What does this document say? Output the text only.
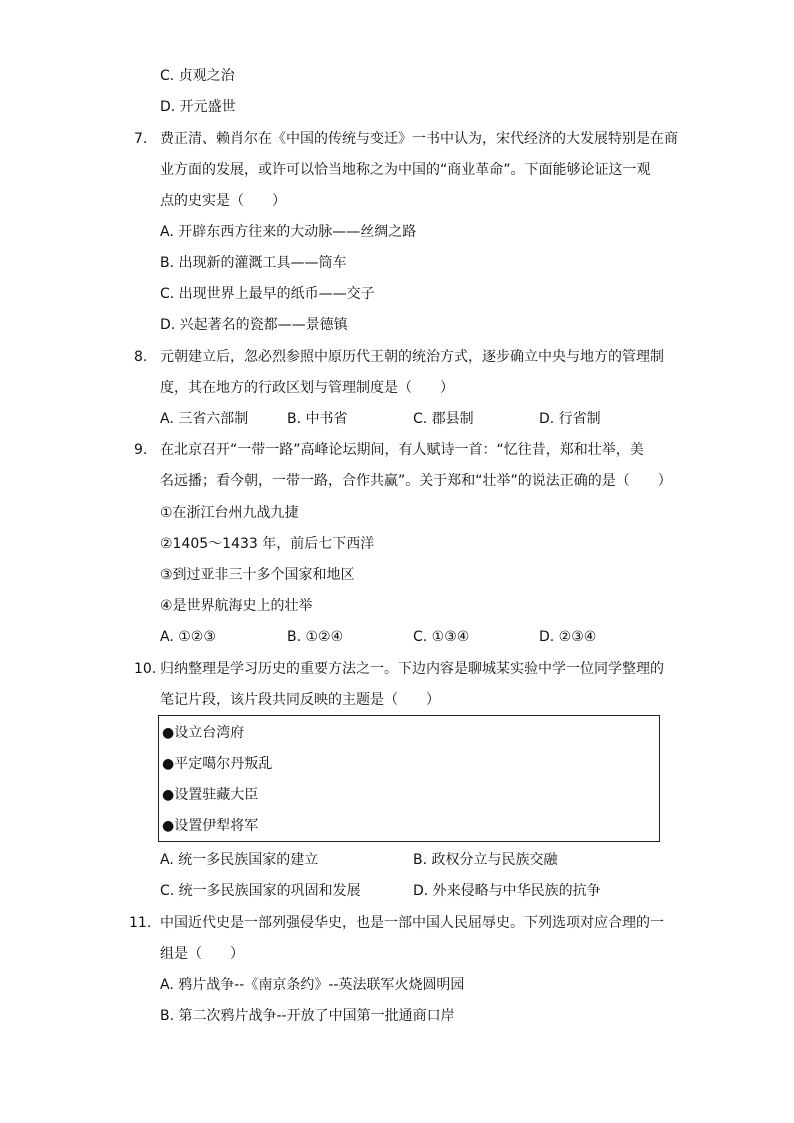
C. 贞观之治
D. 开元盛世
7. 费正清、赖肖尔在《中国的传统与变迁》一书中认为，宋代经济的大发展特别是在商
业方面的发展，或许可以恰当地称之为中国的“商业革命”。下面能够论证这一观
点的史实是（　　）
A. 开辟东西方往来的大动脉——丝绸之路
B. 出现新的灌溉工具——筒车
C. 出现世界上最早的纸币——交子
D. 兴起著名的瓷都——景德镇
8. 元朝建立后，忽必烈参照中原历代王朝的统治方式，逐步确立中央与地方的管理制
度，其在地方的行政区划与管理制度是（　　）
A. 三省六部制	B. 中书省	C. 郡县制	D. 行省制
9. 在北京召开“一带一路”高峰论坛期间，有人赋诗一首：“忆往昔，郑和壮举，美
名远播；看今朝，一带一路，合作共赢”。关于郑和“壮举”的说法正确的是（　　）
①在浙江台州九战九捷
②1405～1433 年，前后七下西洋
③到过亚非三十多个国家和地区
④是世界航海史上的壮举
A. ①②③	B. ①②④	C. ①③④	D. ②③④
10. 归纳整理是学习历史的重要方法之一。下边内容是聊城某实验中学一位同学整理的
笔记片段，该片段共同反映的主题是（　　）
●设立台湾府
●平定噶尔丹叛乱
●设置驻藏大臣
●设置伊犁将军
A. 统一多民族国家的建立	B. 政权分立与民族交融
C. 统一多民族国家的巩固和发展	D. 外来侵略与中华民族的抗争
11. 中国近代史是一部列强侵华史，也是一部中国人民屈辱史。下列选项对应合理的一
组是（　　）
A. 鸦片战争--《南京条约》--英法联军火烧圆明园
B. 第二次鸦片战争--开放了中国第一批通商口岸
